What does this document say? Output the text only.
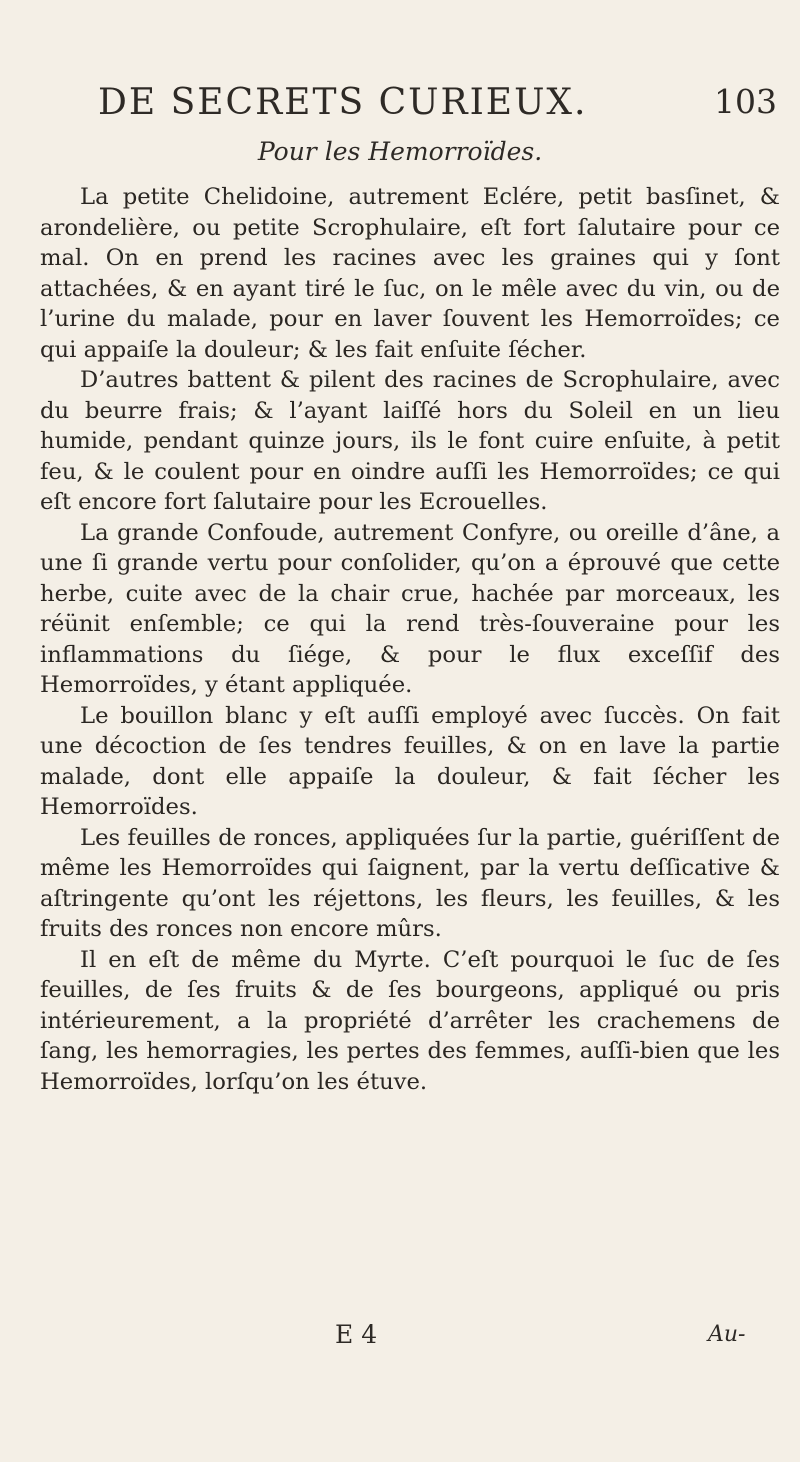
DE SECRETS CURIEUX.	103
Pour les Hemorroïdes.

La petite Chelidoine, autrement Eclére, petit basſinet, & arondelière, ou petite Scrophulaire, eſt fort ſalutaire pour ce mal. On en prend les racines avec les graines qui y ſont attachées, & en ayant tiré le ſuc, on le mêle avec du vin, ou de l’urine du malade, pour en laver ſouvent les Hemorroïdes; ce qui appaiſe la douleur; & les fait enſuite ſécher.

D’autres battent & pilent des racines de Scrophulaire, avec du beurre frais; & l’ayant laiſſé hors du Soleil en un lieu humide, pendant quinze jours, ils le font cuire enſuite, à petit feu, & le coulent pour en oindre auſſi les Hemorroïdes; ce qui eſt encore fort ſalutaire pour les Ecrouelles.

La grande Confoude, autrement Confyre, ou oreille d’âne, a une ſi grande vertu pour conſolider, qu’on a éprouvé que cette herbe, cuite avec de la chair crue, hachée par morceaux, les réünit enſemble; ce qui la rend très-ſouveraine pour les inflammations du ſiége, & pour le flux exceſſif des Hemorroïdes, y étant appliquée.

Le bouillon blanc y eſt auſſi employé avec ſuccès. On fait une décoction de ſes tendres feuilles, & on en lave la partie malade, dont elle appaiſe la douleur, & fait ſécher les Hemorroïdes.

Les feuilles de ronces, appliquées ſur la partie, guériſſent de même les Hemorroïdes qui ſaignent, par la vertu deſſicative & aſtringente qu’ont les réjettons, les fleurs, les feuilles, & les fruits des ronces non encore mûrs.

Il en eſt de même du Myrte. C’eſt pourquoi le ſuc de ſes feuilles, de ſes fruits & de ſes bourgeons, appliqué ou pris intérieurement, a la propriété d’arrêter les crachemens de ſang, les hemorragies, les pertes des femmes, auſſi-bien que les Hemorroïdes, lorſqu’on les étuve.

E 4	Au-
